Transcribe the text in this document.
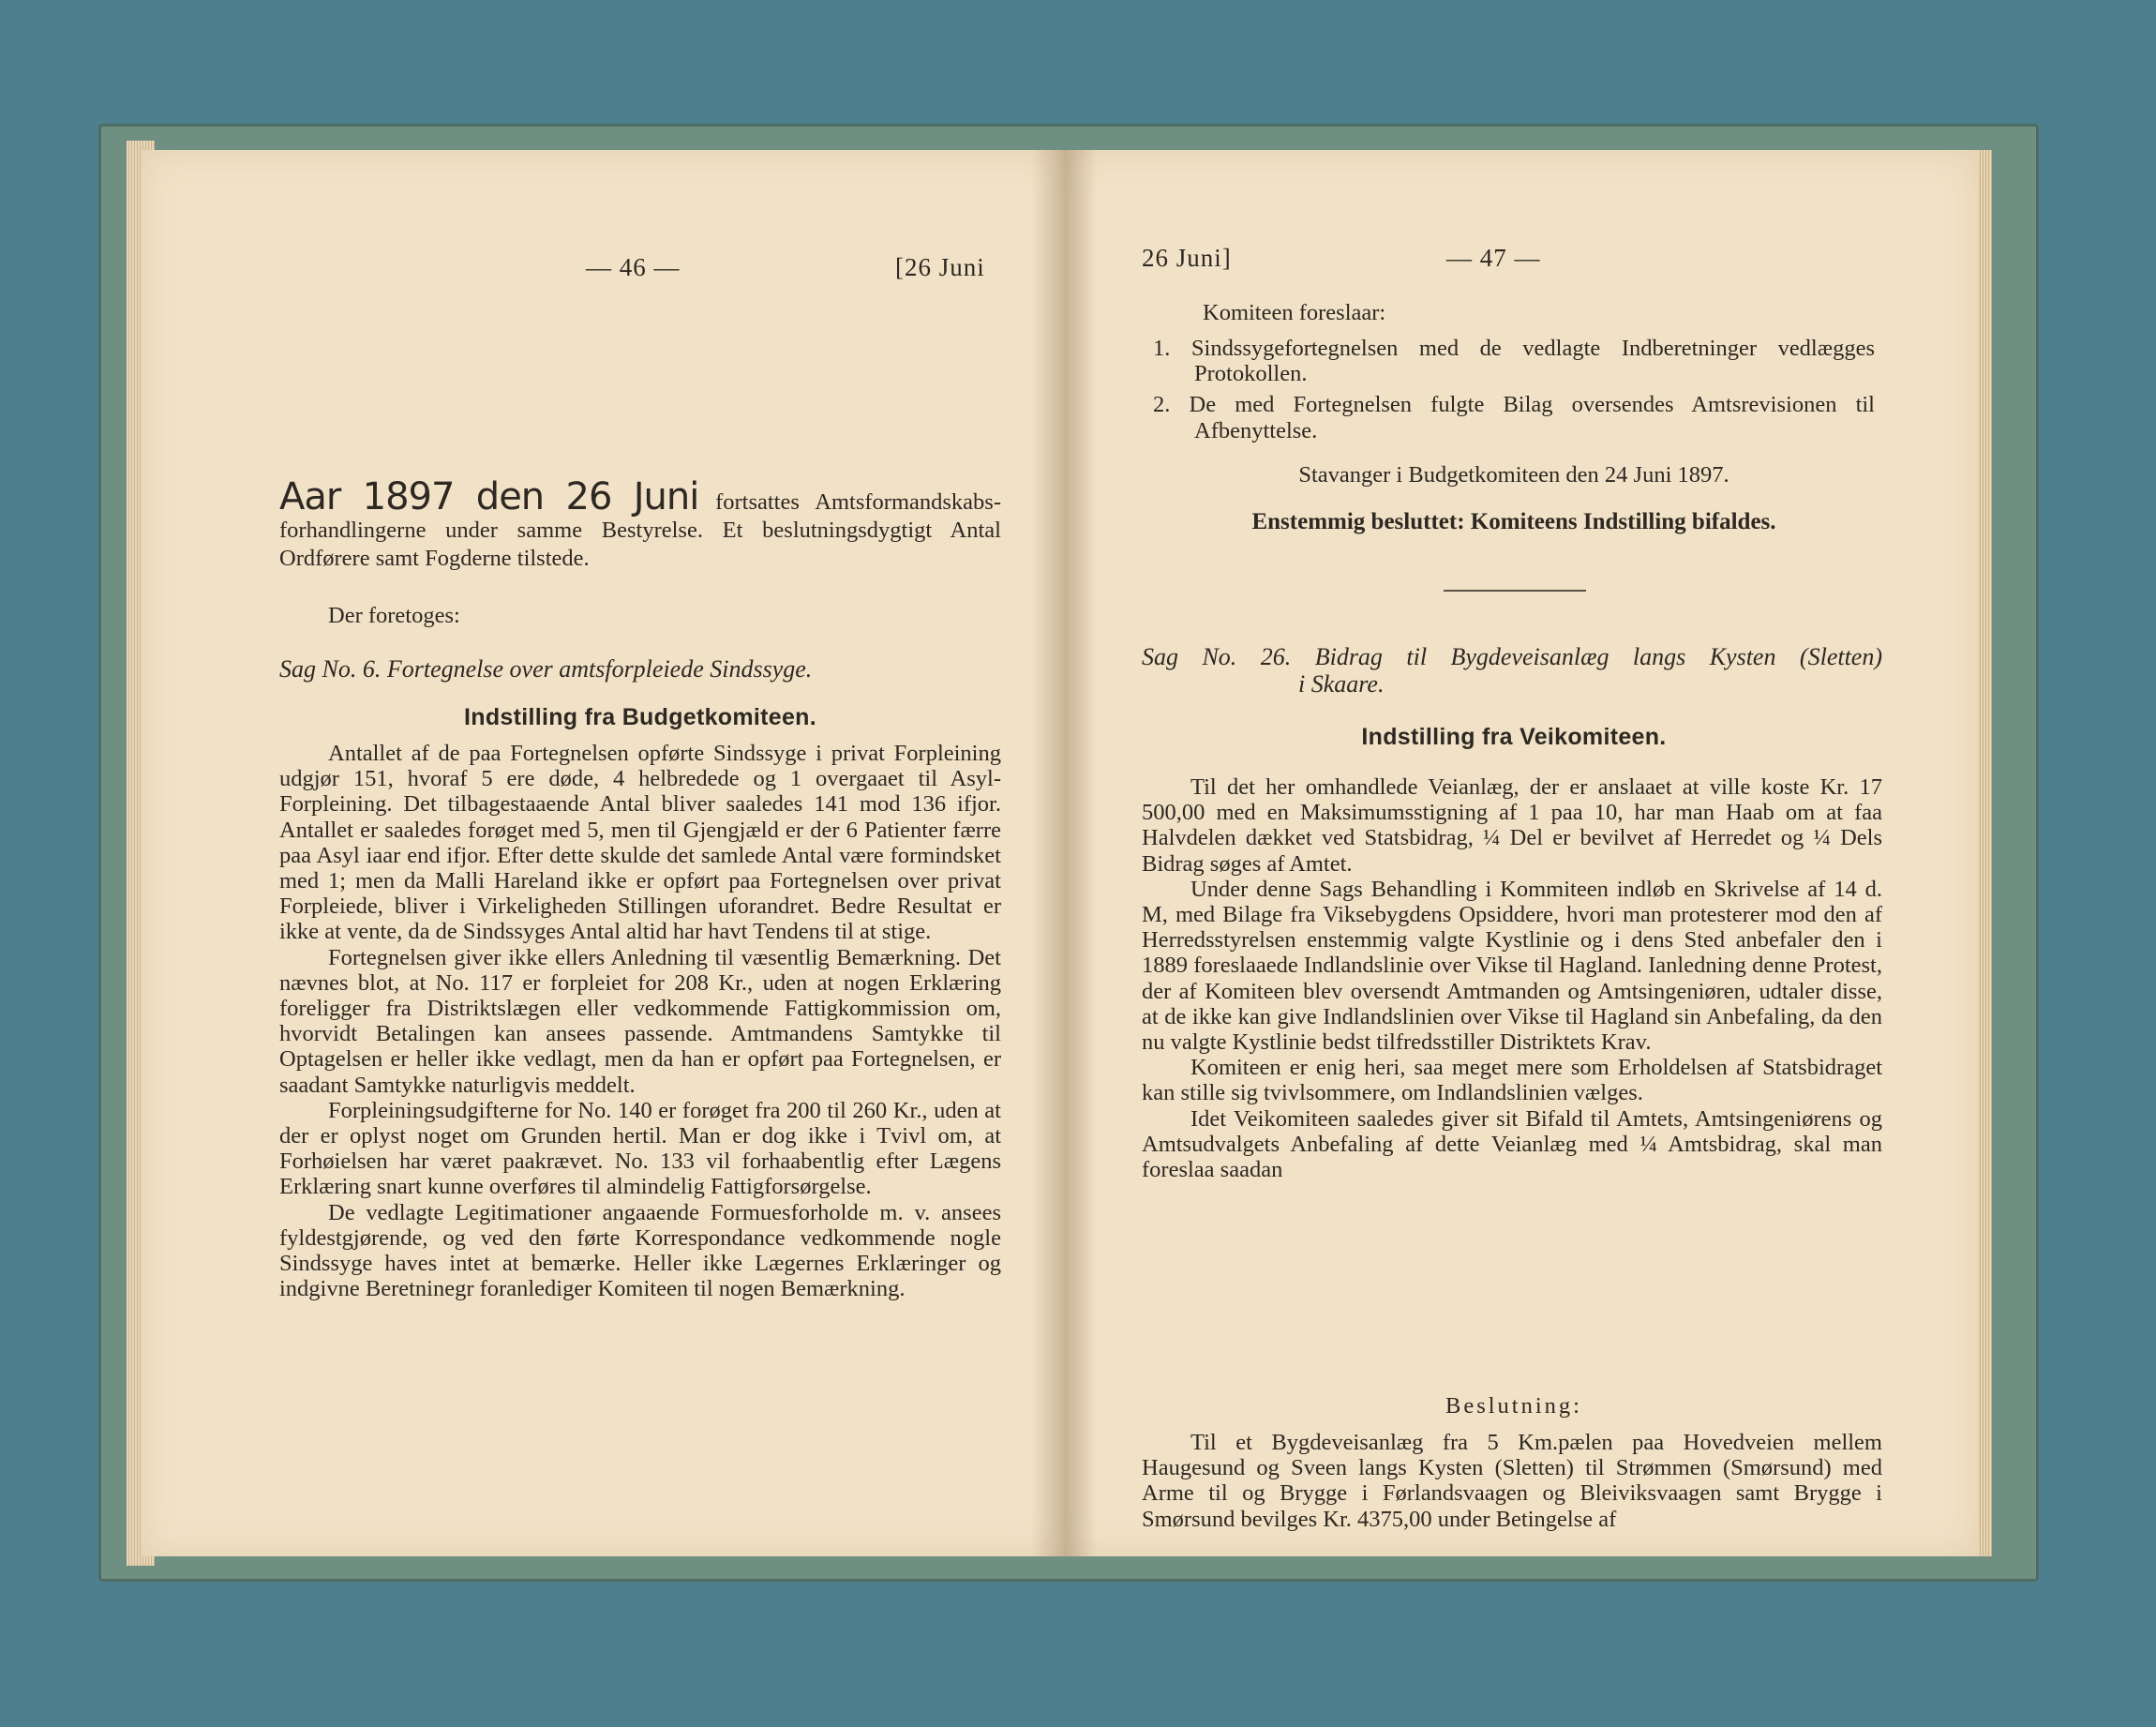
— 46 —	[26 Juni
Aar 1897 den 26 Juni fortsattes Amtsformandskabs-forhandlingerne under samme Bestyrelse. Et beslutningsdygtigt Antal Ordførere samt Fogderne tilstede.
Der foretoges:
Sag No. 6. Fortegnelse over amtsforpleiede Sindssyge.
Indstilling fra Budgetkomiteen.

Antallet af de paa Fortegnelsen opførte Sindssyge i privat Forpleining udgjør 151, hvoraf 5 ere døde, 4 helbredede og 1 overgaaet til Asyl-Forpleining. Det tilbagestaaende Antal bliver saaledes 141 mod 136 ifjor. Antallet er saaledes forøget med 5, men til Gjengjæld er der 6 Patienter færre paa Asyl iaar end ifjor. Efter dette skulde det samlede Antal være formindsket med 1; men da Malli Hareland ikke er opført paa Fortegnelsen over privat Forpleiede, bliver i Virkeligheden Stillingen uforandret. Bedre Resultat er ikke at vente, da de Sindssyges Antal altid har havt Tendens til at stige.

Fortegnelsen giver ikke ellers Anledning til væsentlig Bemærkning. Det nævnes blot, at No. 117 er forpleiet for 208 Kr., uden at nogen Erklæring foreligger fra Distriktslægen eller vedkommende Fattigkommission om, hvorvidt Betalingen kan ansees passende. Amtmandens Samtykke til Optagelsen er heller ikke vedlagt, men da han er opført paa Fortegnelsen, er saadant Samtykke naturligvis meddelt.

Forpleiningsudgifterne for No. 140 er forøget fra 200 til 260 Kr., uden at der er oplyst noget om Grunden hertil. Man er dog ikke i Tvivl om, at Forhøielsen har været paakrævet. No. 133 vil forhaabentlig efter Lægens Erklæring snart kunne overføres til almindelig Fattigforsørgelse.

De vedlagte Legitimationer angaaende Formuesforholde m. v. ansees fyldestgjørende, og ved den førte Korrespondance vedkommende nogle Sindssyge haves intet at bemærke. Heller ikke Lægernes Erklæringer og indgivne Beretninegr foranlediger Komiteen til nogen Bemærkning.

26 Juni]	— 47 —
Komiteen foreslaar:

1. Sindssygefortegnelsen med de vedlagte Indberetninger vedlægges Protokollen.

2. De med Fortegnelsen fulgte Bilag oversendes Amtsrevisionen til Afbenyttelse.

Stavanger i Budgetkomiteen den 24 Juni 1897.
Enstemmig besluttet: Komiteens Indstilling bifaldes.
Sag No. 26. Bidrag til Bygdeveisanlæg langs Kysten (Sletten)
i Skaare.
Indstilling fra Veikomiteen.

Til det her omhandlede Veianlæg, der er anslaaet at ville koste Kr. 17 500,00 med en Maksimumsstigning af 1 paa 10, har man Haab om at faa Halvdelen dækket ved Statsbidrag, ¼ Del er bevilvet af Herredet og ¼ Dels Bidrag søges af Amtet.

Under denne Sags Behandling i Kommiteen indløb en Skrivelse af 14 d. M, med Bilage fra Viksebygdens Opsiddere, hvori man protesterer mod den af Herredsstyrelsen enstemmig valgte Kystlinie og i dens Sted anbefaler den i 1889 foreslaaede Indlandslinie over Vikse til Hagland. Ianledning denne Protest, der af Komiteen blev oversendt Amtmanden og Amtsingeniøren, udtaler disse, at de ikke kan give Indlandslinien over Vikse til Hagland sin Anbefaling, da den nu valgte Kystlinie bedst tilfredsstiller Distriktets Krav.

Komiteen er enig heri, saa meget mere som Erholdelsen af Statsbidraget kan stille sig tvivlsommere, om Indlandslinien vælges.

Idet Veikomiteen saaledes giver sit Bifald til Amtets, Amtsingeniørens og Amtsudvalgets Anbefaling af dette Veianlæg med ¼ Amtsbidrag, skal man foreslaa saadan

Beslutning:

Til et Bygdeveisanlæg fra 5 Km.pælen paa Hovedveien mellem Haugesund og Sveen langs Kysten (Sletten) til Strømmen (Smørsund) med Arme til og Brygge i Førlandsvaagen og Bleiviksvaagen samt Brygge i Smørsund bevilges Kr. 4375,00 under Betingelse af
